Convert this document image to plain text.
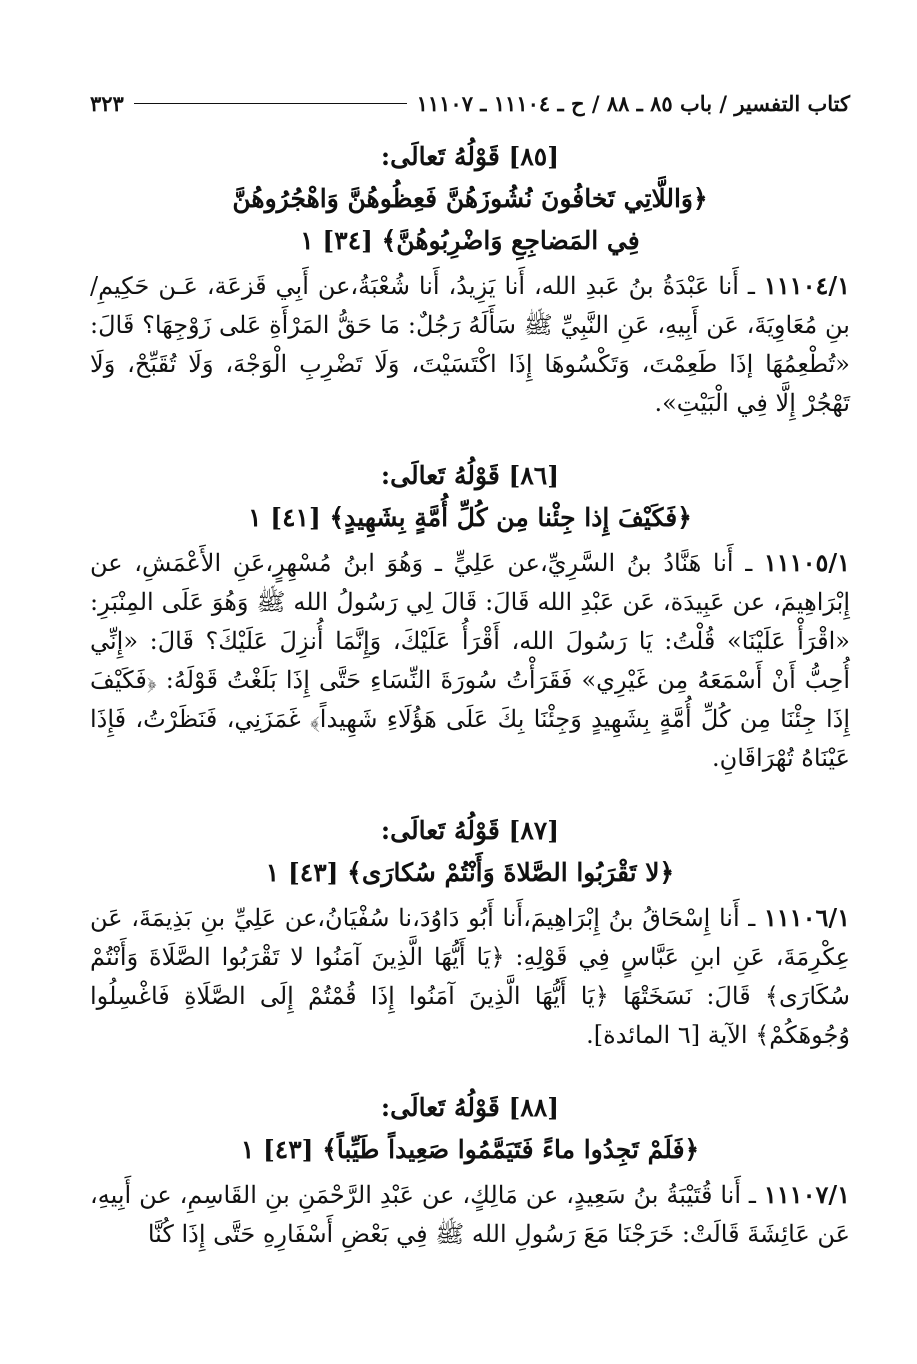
كتاب التفسير / باب ٨٥ ـ ٨٨ / ح ـ ١١١٠٤ ـ ١١١٠٧
٣٢٣
[٨٥] قَوْلُهُ تَعالَى:
﴿وَاللَّاتِي تَخافُونَ نُشُوزَهُنَّ فَعِظُوهُنَّ وَاهْجُرُوهُنَّ
فِي المَضاجِعِ وَاضْرِبُوهُنَّ﴾ [٣٤] ١

١١١٠٤/١ ـ أَنا عَبْدَةُ بنُ عَبدِ الله، أَنا يَزِيدُ، أَنا شُعْبَةُ،عن أَبِي قَزعَة، عَـن حَكِيمِ/بنِ مُعَاوِيَةَ، عَن أَبِيهِ، عَنِ النَّبِيِّ ﷺ سَأَلَهُ رَجُلٌ: مَا حَقُّ المَرْأَةِ عَلى زَوْجِهَا؟ قَالَ: «تُطْعِمُهَا إذَا طَعِمْتَ، وَتَكْسُوهَا إِذَا اكْتَسَيْتَ، وَلَا تَضْرِبِ الْوَجْهَ، وَلَا تُقَبِّحْ، وَلَا تَهْجُرْ إِلَّا فِي الْبَيْتِ».

[٨٦] قَوْلُهُ تَعالَى:
﴿فَكَيْفَ إِذا جِئْنا مِن كُلِّ أُمَّةٍ بِشَهِيدٍ﴾ [٤١] ١

١١١٠٥/١ ـ أَنا هَنَّادُ بنُ السَّرِيِّ،عن عَلِيٍّ ـ وَهُوَ ابنُ مُسْهِرٍ،عَنِ الأَعْمَشِ، عن إِبْرَاهِيمَ، عن عَبِيدَة، عَن عَبْدِ الله قَالَ: قَالَ لِي رَسُولُ الله ﷺ وَهُوَ عَلَى المِنْبَرِ: «اقْرَأْ عَلَيْنَا» قُلْتُ: يَا رَسُولَ الله، أَقْرَأُ عَلَيْكَ، وَإِنَّمَا أُنزِلَ عَلَيْكَ؟ قَالَ: «إِنِّي أُحِبُّ أَنْ أَسْمَعَهُ مِن غَيْرِي» فَقَرَأْتُ سُورَةَ النِّسَاءِ حَتَّى إِذَا بَلَغْتُ قَوْلَهُ: ﴿فَكَيْفَ إِذَا جِئْنَا مِن كُلِّ أُمَّةٍ بِشَهِيدٍ وَجِئْنَا بِكَ عَلَى هَؤُلَاءِ شَهِيداً﴾ غَمَزَنِي، فَنَظَرْتُ، فَإِذَا عَيْنَاهُ تُهْرَاقَانِ.

[٨٧] قَوْلُهُ تَعالَى:
﴿لا تَقْرَبُوا الصَّلاةَ وَأَنْتُمْ سُكارَى﴾ [٤٣] ١

١١١٠٦/١ ـ أَنا إِسْحَاقُ بنُ إِبْرَاهِيمَ،أَنا أَبُو دَاوُدَ،نا سُفْيَانُ،عن عَلِيِّ بنِ بَذِيمَةَ، عَن عِكْرِمَةَ، عَنِ ابنِ عَبَّاسٍ فِي قَوْلِهِ: ﴿يَا أَيُّهَا الَّذِينَ آمَنُوا لا تَقْرَبُوا الصَّلَاةَ وَأَنْتُمْ سُكَارَى﴾ قَالَ: نَسَخَتْهَا ﴿يَا أَيُّهَا الَّذِينَ آمَنُوا إِذَا قُمْتُمْ إِلَى الصَّلَاةِ فَاغْسِلُوا وُجُوهَكُمْ﴾ الآية [٦ المائدة].

[٨٨] قَوْلُهُ تَعالَى:
﴿فَلَمْ تَجِدُوا ماءً فَتَيَمَّمُوا صَعِيداً طَيِّباً﴾ [٤٣] ١

١١١٠٧/١ ـ أَنا قُتَيْبَةُ بنُ سَعِيدٍ، عن مَالِكٍ، عن عَبْدِ الرَّحْمَنِ بنِ القَاسِمِ، عن أَبِيهِ، عَن عَائِشَةَ قَالَتْ: خَرَجْنَا مَعَ رَسُولِ الله ﷺ فِي بَعْضِ أَسْفَارِهِ حَتَّى إِذَا كُنَّا
